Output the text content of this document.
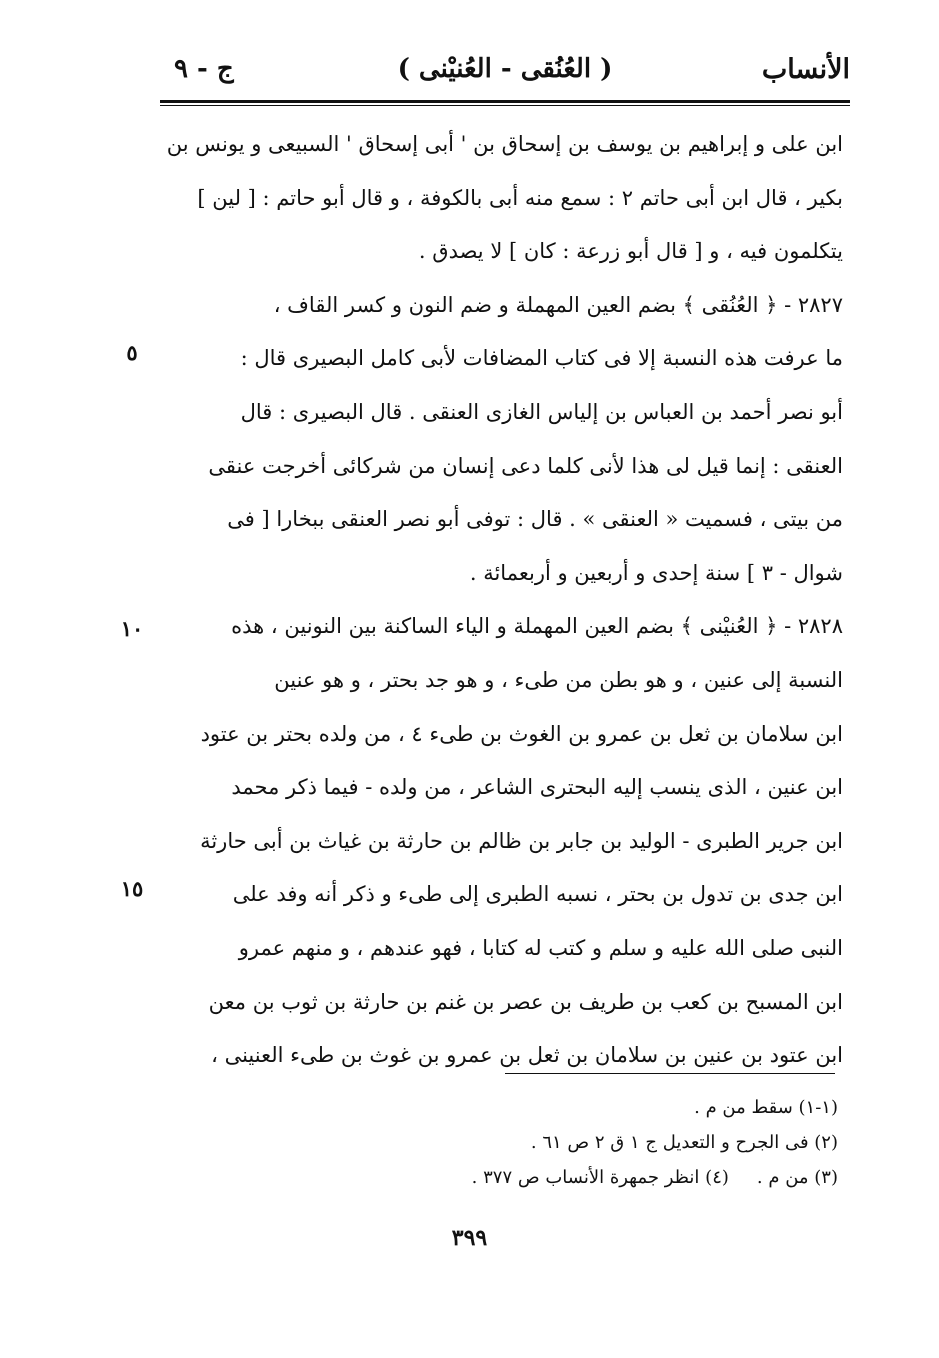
الأنساب
( العُنُقى - العُنيْنى )
ج - ٩
ابن على و إبراهيم بن يوسف بن إسحاق بن ' أبى إسحاق ' السبيعى و يونس بن
بكير ، قال ابن أبى حاتم ٢ : سمع منه أبى بالكوفة ، و قال أبو حاتم : [ لين ]
يتكلمون فيه ، و [ قال أبو زرعة : كان ] لا يصدق .
٢٨٢٧ - ﴿ العُنُقى ﴾ بضم العين المهملة و ضم النون و كسر القاف ،
ما عرفت هذه النسبة إلا فى كتاب المضافات لأبى كامل البصيرى قال :
أبو نصر أحمد بن العباس بن إلياس الغازى العنقى . قال البصيرى : قال
العنقى : إنما قيل لى هذا لأنى كلما دعى إنسان من شركائى أخرجت عنقى
من بيتى ، فسميت « العنقى » . قال : توفى أبو نصر العنقى ببخارا [ فى
شوال - ٣ ] سنة إحدى و أربعين و أربعمائة .
٢٨٢٨ - ﴿ العُنيْنى ﴾ بضم العين المهملة و الياء الساكنة بين النونين ، هذه
النسبة إلى عنين ، و هو بطن من طىء ، و هو جد بحتر ، و هو عنين
ابن سلامان بن ثعل بن عمرو بن الغوث بن طىء ٤ ، من ولده بحتر بن عتود
ابن عنين ، الذى ينسب إليه البحترى الشاعر ، من ولده - فيما ذكر محمد
ابن جرير الطبرى - الوليد بن جابر بن ظالم بن حارثة بن غياث بن أبى حارثة
ابن جدى بن تدول بن بحتر ، نسبه الطبرى إلى طىء و ذكر أنه وفد على
النبى صلى الله عليه و سلم و كتب له كتابا ، فهو عندهم ، و منهم عمرو
ابن المسبح بن كعب بن طريف بن عصر بن غنم بن حارثة بن ثوب بن معن
ابن عتود بن عنين بن سلامان بن ثعل بن عمرو بن غوث بن طىء العنينى ،
٥
١٠
١٥
(١-١) سقط من م .
(٢) فى الجرح و التعديل ج ١ ق ٢ ص ٦١ .
(٣) من م .
(٤) انظر جمهرة الأنساب ص ٣٧٧ .
٣٩٩
